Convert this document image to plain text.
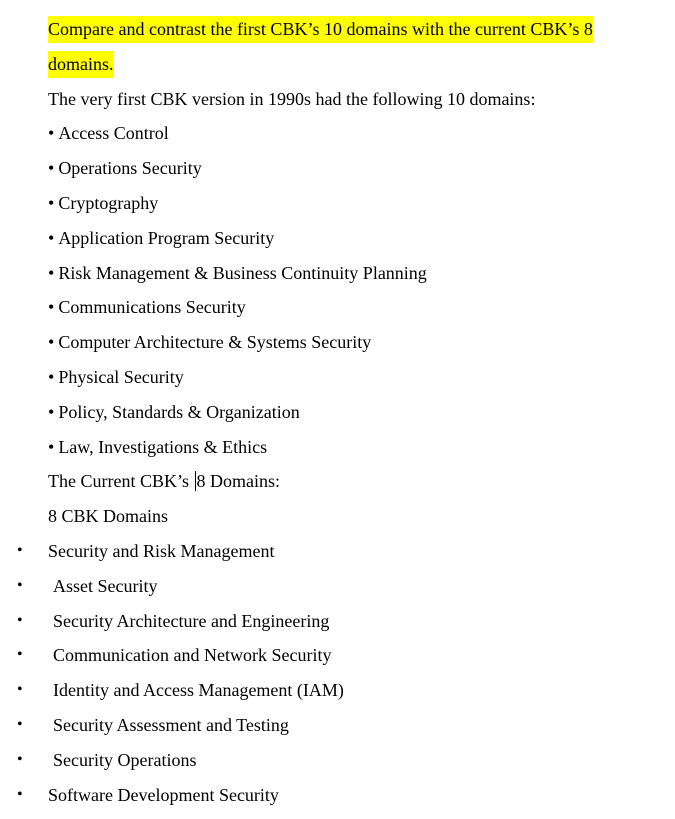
Compare and contrast the first CBK’s 10 domains with the current CBK’s 8
domains.
The very first CBK version in 1990s had the following 10 domains:
• Access Control
• Operations Security
• Cryptography
• Application Program Security
• Risk Management & Business Continuity Planning
• Communications Security
• Computer Architecture & Systems Security
• Physical Security
• Policy, Standards & Organization
• Law, Investigations & Ethics
The Current CBK’s 8 Domains:
8 CBK Domains
• Security and Risk Management
• Asset Security
• Security Architecture and Engineering
• Communication and Network Security
• Identity and Access Management (IAM)
• Security Assessment and Testing
• Security Operations
• Software Development Security
